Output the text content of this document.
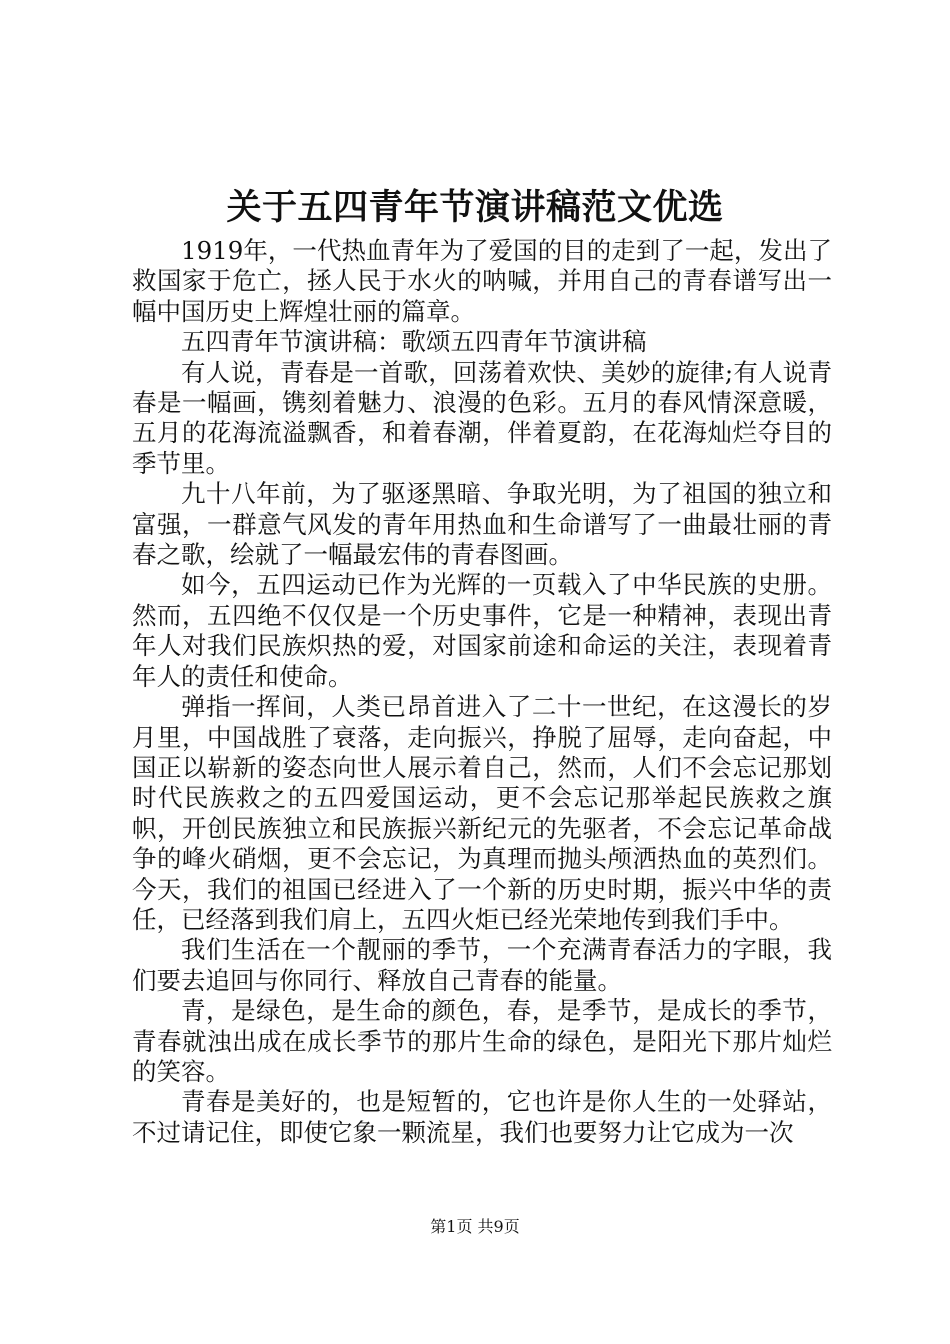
关于五四青年节演讲稿范文优选

1919年，一代热血青年为了爱国的目的走到了一起，发出了救国家于危亡，拯人民于水火的呐喊，并用自己的青春谱写出一幅中国历史上辉煌壮丽的篇章。

五四青年节演讲稿：歌颂五四青年节演讲稿

有人说，青春是一首歌，回荡着欢快、美妙的旋律;有人说青春是一幅画，镌刻着魅力、浪漫的色彩。五月的春风情深意暖，五月的花海流溢飘香，和着春潮，伴着夏韵，在花海灿烂夺目的季节里。

九十八年前，为了驱逐黑暗、争取光明，为了祖国的独立和富强，一群意气风发的青年用热血和生命谱写了一曲最壮丽的青春之歌，绘就了一幅最宏伟的青春图画。

如今，五四运动已作为光辉的一页载入了中华民族的史册。然而，五四绝不仅仅是一个历史事件，它是一种精神，表现出青年人对我们民族炽热的爱，对国家前途和命运的关注，表现着青年人的责任和使命。

弹指一挥间，人类已昂首进入了二十一世纪，在这漫长的岁月里，中国战胜了衰落，走向振兴，挣脱了屈辱，走向奋起，中国正以崭新的姿态向世人展示着自己，然而，人们不会忘记那划时代民族救之的五四爱国运动，更不会忘记那举起民族救之旗帜，开创民族独立和民族振兴新纪元的先驱者，不会忘记革命战争的峰火硝烟，更不会忘记，为真理而抛头颅洒热血的英烈们。今天，我们的祖国已经进入了一个新的历史时期，振兴中华的责任，已经落到我们肩上，五四火炬已经光荣地传到我们手中。

我们生活在一个靓丽的季节，一个充满青春活力的字眼，我们要去追回与你同行、释放自己青春的能量。

青，是绿色，是生命的颜色，春，是季节，是成长的季节，青春就浊出成在成长季节的那片生命的绿色，是阳光下那片灿烂的笑容。

青春是美好的，也是短暂的，它也许是你人生的一处驿站，不过请记住，即使它象一颗流星，我们也要努力让它成为一次

第1页 共9页
